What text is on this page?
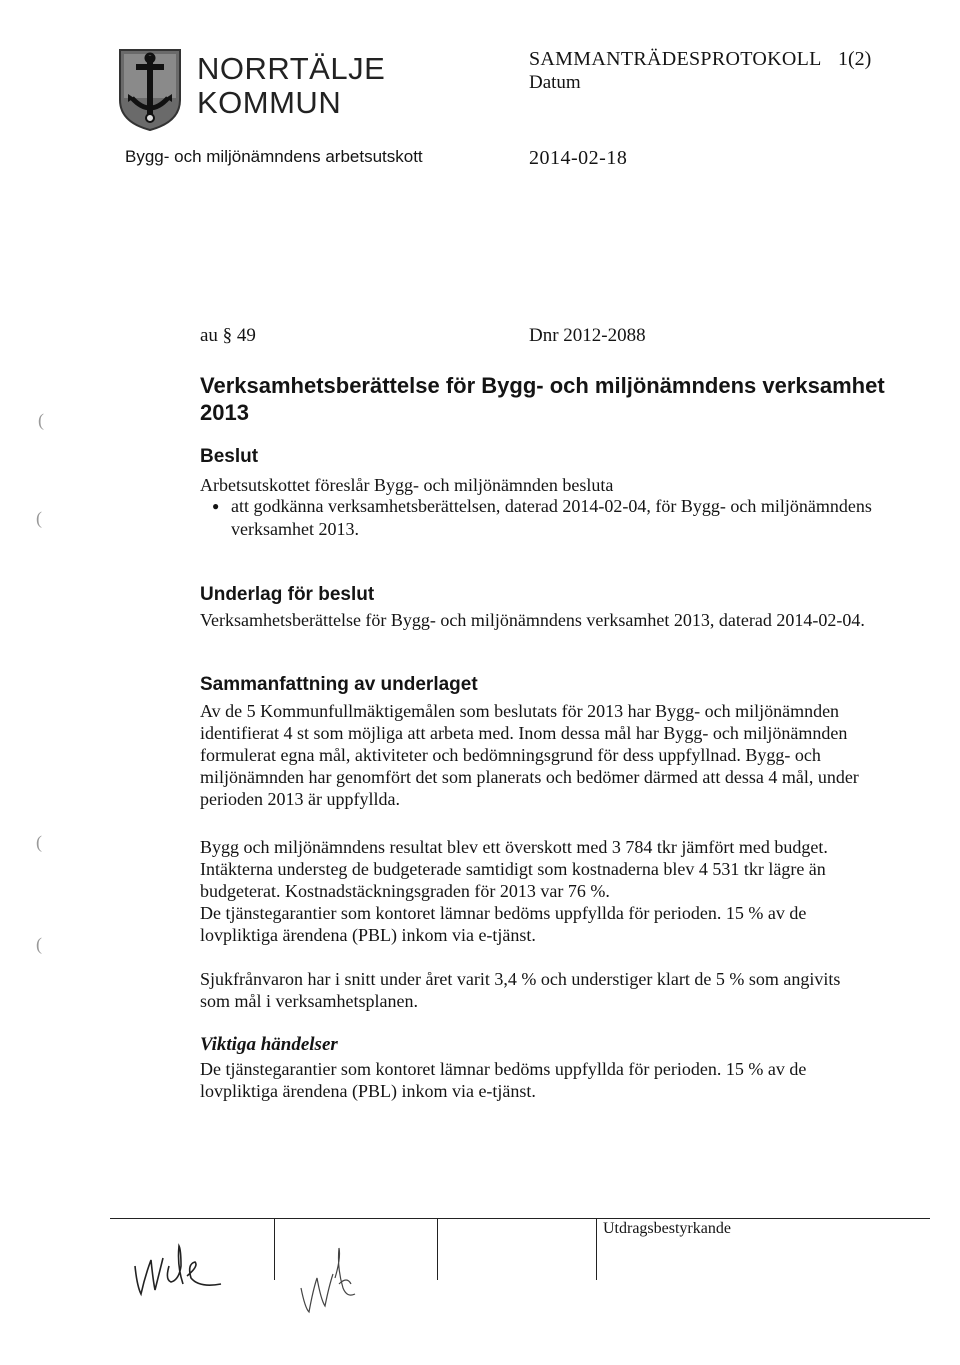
NORRTÄLJE
KOMMUN
SAMMANTRÄDESPROTOKOLL 1(2)
Datum
Bygg- och miljönämndens arbetsutskott	2014-02-18
au § 49	Dnr 2012-2088
Verksamhetsberättelse för Bygg- och miljönämndens verksamhet
2013
Beslut
Arbetsutskottet föreslår Bygg- och miljönämnden besluta
● att godkänna verksamhetsberättelsen, daterad 2014-02-04, för Bygg- och miljönämndens
verksamhet 2013.
Underlag för beslut
Verksamhetsberättelse för Bygg- och miljönämndens verksamhet 2013, daterad 2014-02-04.
Sammanfattning av underlaget
Av de 5 Kommunfullmäktigemålen som beslutats för 2013 har Bygg- och miljönämnden
identifierat 4 st som möjliga att arbeta med. Inom dessa mål har Bygg- och miljönämnden
formulerat egna mål, aktiviteter och bedömningsgrund för dess uppfyllnad. Bygg- och
miljönämnden har genomfört det som planerats och bedömer därmed att dessa 4 mål, under
perioden 2013 är uppfyllda.
Bygg och miljönämndens resultat blev ett överskott med 3 784 tkr jämfört med budget.
Intäkterna understeg de budgeterade samtidigt som kostnaderna blev 4 531 tkr lägre än
budgeterat. Kostnadstäckningsgraden för 2013 var 76 %.
De tjänstegarantier som kontoret lämnar bedöms uppfyllda för perioden. 15 % av de
lovpliktiga ärendena (PBL) inkom via e-tjänst.
Sjukfrånvaron har i snitt under året varit 3,4 % och understiger klart de 5 % som angivits
som mål i verksamhetsplanen.
Viktiga händelser
De tjänstegarantier som kontoret lämnar bedöms uppfyllda för perioden. 15 % av de
lovpliktiga ärendena (PBL) inkom via e-tjänst.
Utdragsbestyrkande
(
(
(
(
